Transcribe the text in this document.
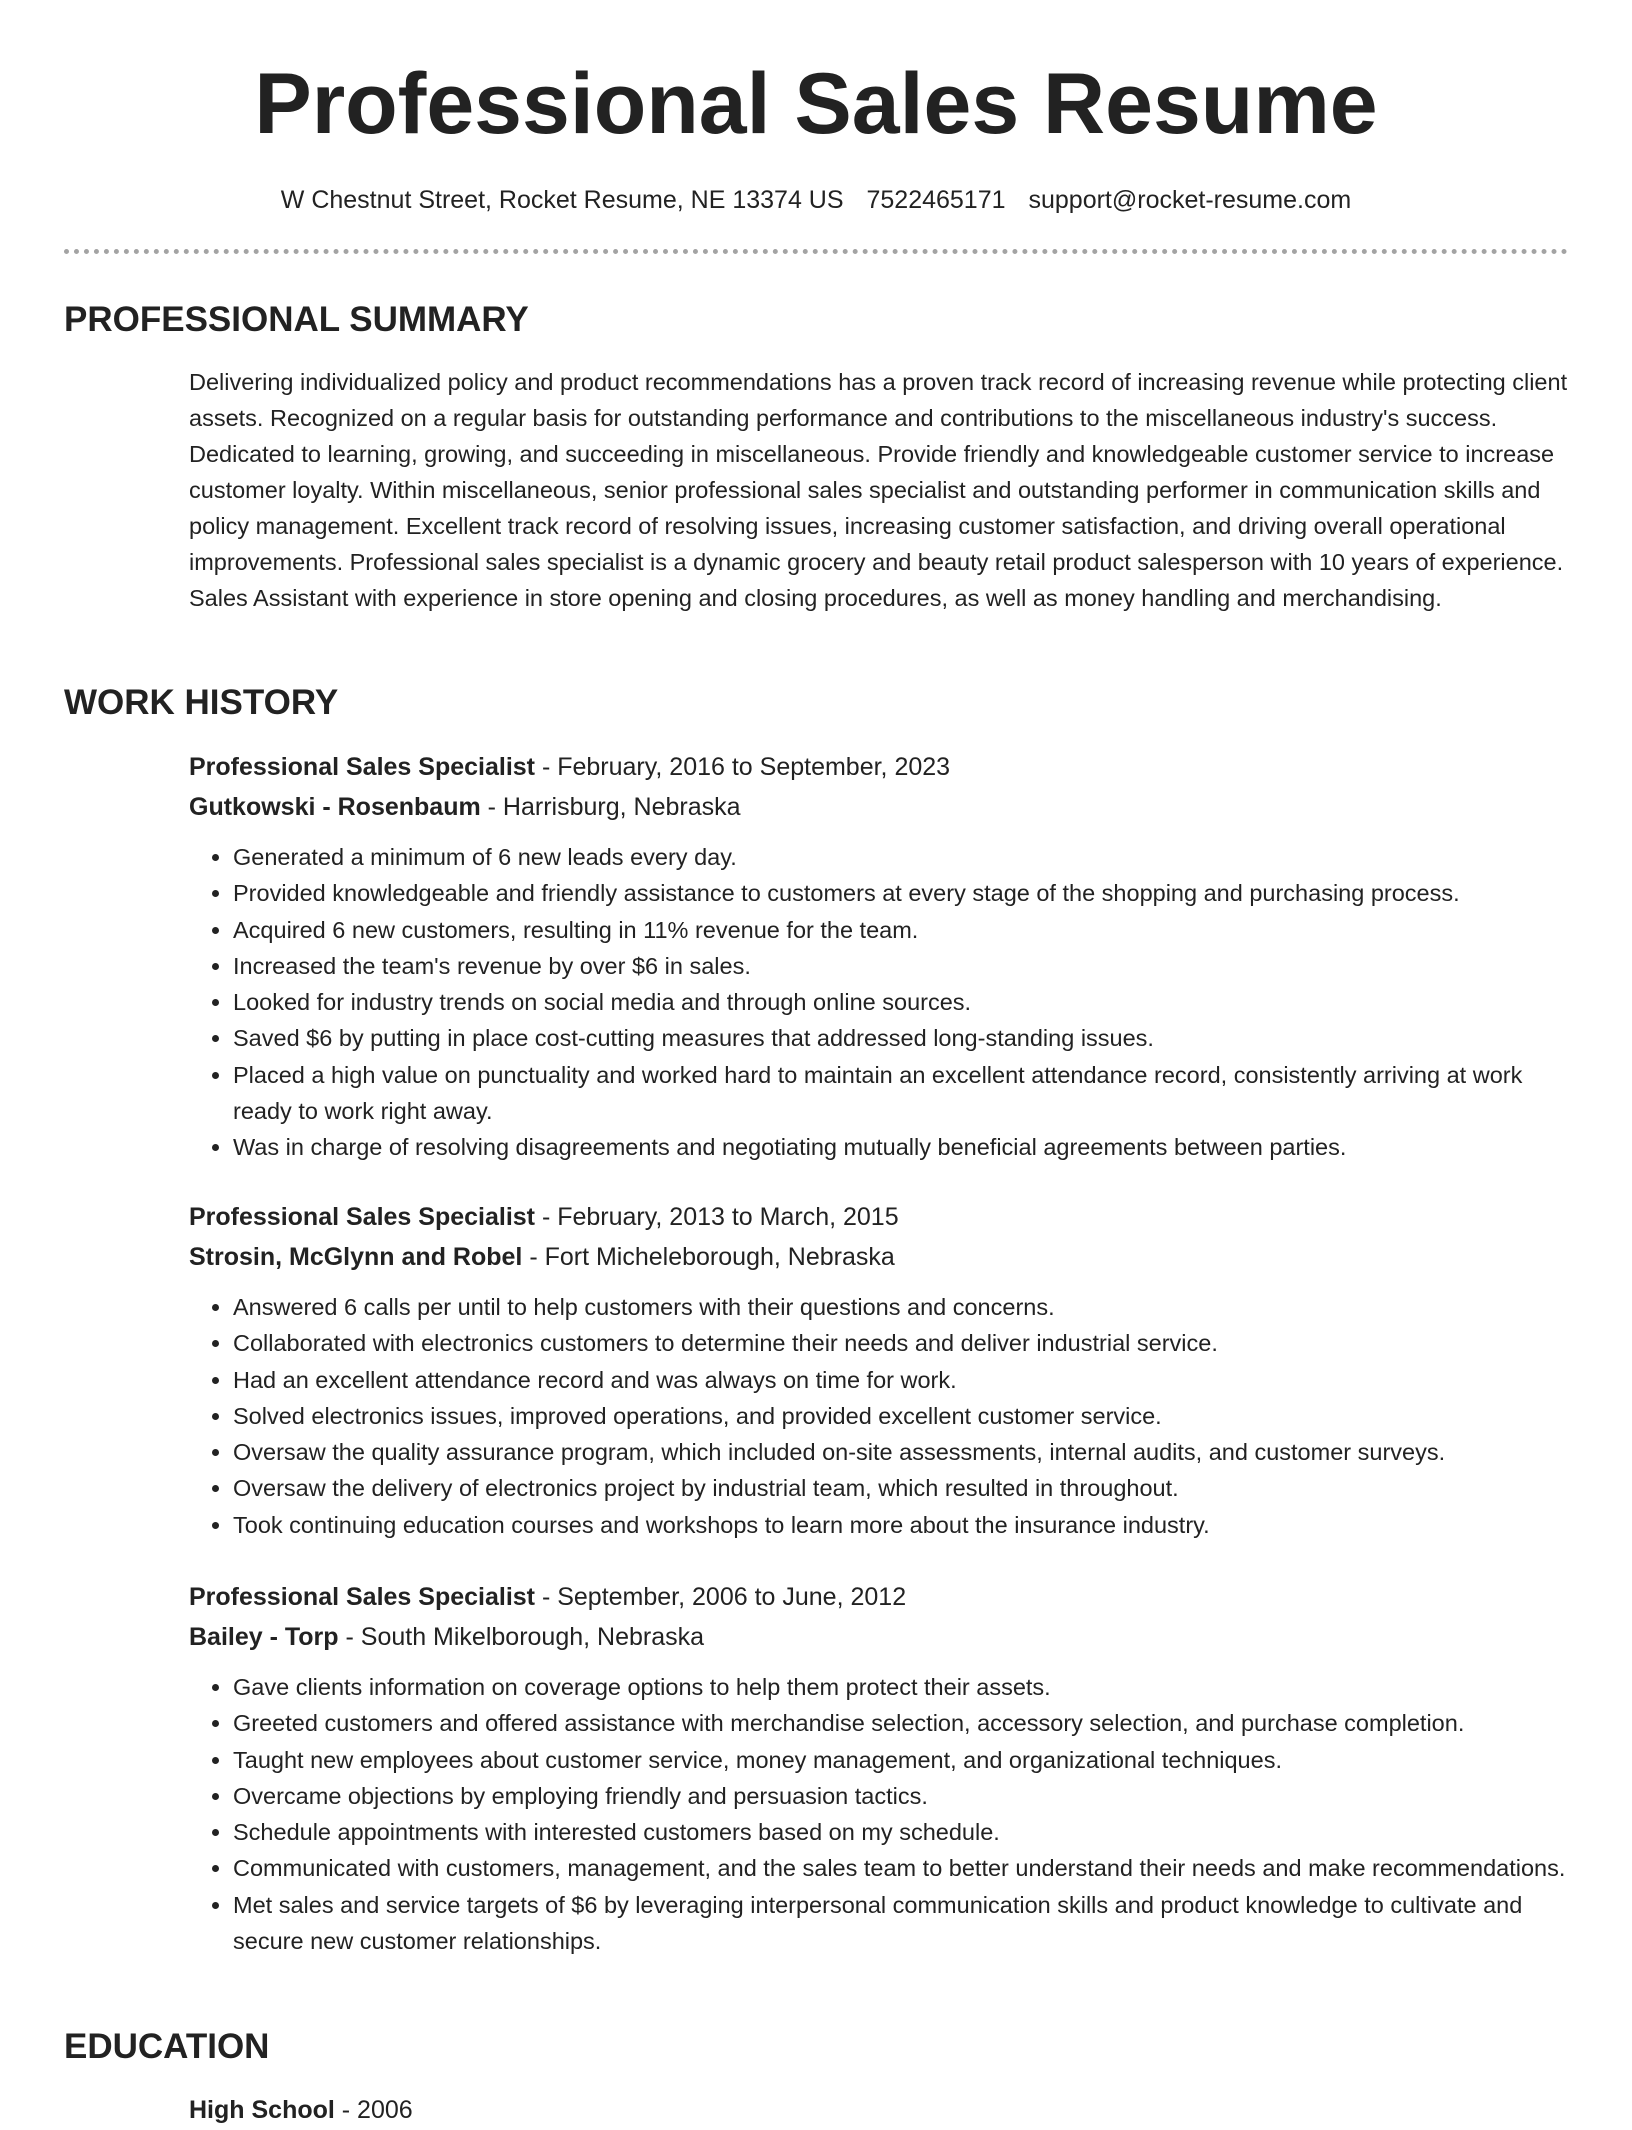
Professional Sales Resume
W Chestnut Street, Rocket Resume, NE 13374 US 7522465171 support@rocket-resume.com
PROFESSIONAL SUMMARY

Delivering individualized policy and product recommendations has a proven track record of increasing revenue while protecting client assets. Recognized on a regular basis for outstanding performance and contributions to the miscellaneous industry's success. Dedicated to learning, growing, and succeeding in miscellaneous. Provide friendly and knowledgeable customer service to increase customer loyalty. Within miscellaneous, senior professional sales specialist and outstanding performer in communication skills and policy management. Excellent track record of resolving issues, increasing customer satisfaction, and driving overall operational improvements. Professional sales specialist is a dynamic grocery and beauty retail product salesperson with 10 years of experience. Sales Assistant with experience in store opening and closing procedures, as well as money handling and merchandising.

WORK HISTORY

Professional Sales Specialist - February, 2016 to September, 2023

Gutkowski - Rosenbaum - Harrisburg, Nebraska

• Generated a minimum of 6 new leads every day.
• Provided knowledgeable and friendly assistance to customers at every stage of the shopping and purchasing process.
• Acquired 6 new customers, resulting in 11% revenue for the team.
• Increased the team's revenue by over $6 in sales.
• Looked for industry trends on social media and through online sources.
• Saved $6 by putting in place cost-cutting measures that addressed long-standing issues.
• Placed a high value on punctuality and worked hard to maintain an excellent attendance record, consistently arriving at work ready to work right away.
• Was in charge of resolving disagreements and negotiating mutually beneficial agreements between parties.

Professional Sales Specialist - February, 2013 to March, 2015

Strosin, McGlynn and Robel - Fort Micheleborough, Nebraska

• Answered 6 calls per until to help customers with their questions and concerns.
• Collaborated with electronics customers to determine their needs and deliver industrial service.
• Had an excellent attendance record and was always on time for work.
• Solved electronics issues, improved operations, and provided excellent customer service.
• Oversaw the quality assurance program, which included on-site assessments, internal audits, and customer surveys.
• Oversaw the delivery of electronics project by industrial team, which resulted in throughout.
• Took continuing education courses and workshops to learn more about the insurance industry.

Professional Sales Specialist - September, 2006 to June, 2012

Bailey - Torp - South Mikelborough, Nebraska

• Gave clients information on coverage options to help them protect their assets.
• Greeted customers and offered assistance with merchandise selection, accessory selection, and purchase completion.
• Taught new employees about customer service, money management, and organizational techniques.
• Overcame objections by employing friendly and persuasion tactics.
• Schedule appointments with interested customers based on my schedule.
• Communicated with customers, management, and the sales team to better understand their needs and make recommendations.
• Met sales and service targets of $6 by leveraging interpersonal communication skills and product knowledge to cultivate and secure new customer relationships.
EDUCATION

High School - 2006
